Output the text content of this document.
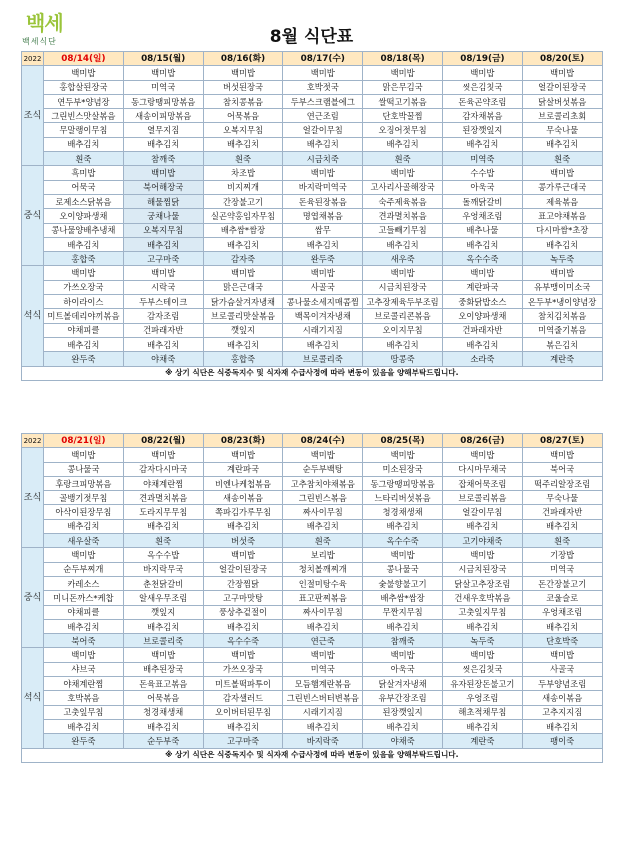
백세
백세식단	8월 식단표
2022	08/14(일)	08/15(월)	08/16(화)	08/17(수)	08/18(목)	08/19(금)	08/20(토)
조식	백미밥	백미밥	백미밥	백미밥	백미밥	백미밥	백미밥
	홍합살된장국	미역국	버섯된장국	호박젓국	맑은무김국	씻은김칫국	얼갈이된장국
	연두부*양념장	동그랑땡피망볶음	참치콩볶음	두부스크램블에그	쌀떡고기볶음	돈육곤약조림	닭살버섯볶음
	그린빈스맛살볶음	새송이피망볶음	어묵볶음	연근조림	단호박꿀찜	감자채볶음	브로콜리초회
	무말랭이무침	열무지짐	오복지무침	얼갈이무침	오징어젓무침	된장깻잎지	무숙나물
	배추김치	배추김치	배추김치	배추김치	배추김치	배추김치	배추김치
	흰죽	참깨죽	흰죽	시금치죽	흰죽	미역죽	흰죽
중식	흑미밥	백미밥	차조밥	백미밥	백미밥	수수밥	백미밥
	어묵국	북어해장국	비지찌개	바지락미역국	고사리사골해장국	아욱국	콩가루근대국
	로제소스닭볶음	해물찜닭	간장불고기	돈육된장볶음	숙주제육볶음	돌깨닭갈비	제육볶음
	오이양파생채	궁채나물	실곤약홍임자무침	명엽채볶음	견과멸치볶음	우엉채조림	표고야채볶음
	콩나물양배추냉채	오복지무침	배추쌈*쌈장	쌈무	고들빼기무침	배추나물	다시마쌈*초장
	배추김치	배추김치	배추김치	배추김치	배추김치	배추김치	배추김치
	홍합죽	고구마죽	감자죽	완두죽	새우죽	옥수수죽	녹두죽
석식	백미밥	백미밥	백미밥	백미밥	백미밥	백미밥	백미밥
	가쓰오장국	시락국	맑은근대국	사골국	시금치된장국	계란파국	유부맹이미소국
	하이라이스	두부스테이크	닭가슴살겨자냉채	콩나물소세지매콤찜	고추장제육두부조림	중화닭밥소스	온두부*냉이양념장
	미트볼데리야끼볶음	감자조림	브로콜리맛살볶음	백목이겨자냉채	브로콜리콘볶음	오이양파생채	참치김치볶음
	야채피클	건파래자반	깻잎지	시래기지짐	오이지무침	건파래자반	미역줄기볶음
	배추김치	배추김치	배추김치	배추김치	배추김치	배추김치	볶은김치
	완두죽	야채죽	홍합죽	브로콜리죽	땅콩죽	소라죽	계란죽
※ 상기 식단은 식중독지수 및 식자재 수급사정에 따라 변동이 있음을 양해부탁드립니다.							
2022	08/21(일)	08/22(월)	08/23(화)	08/24(수)	08/25(목)	08/26(금)	08/27(토)
조식	백미밥	백미밥	백미밥	백미밥	백미밥	백미밥	백미밥
	콩나물국	감자다시마국	계란파국	순두부백탕	미소된장국	다시마무채국	북어국
	후랑크피망볶음	야채계란찜	비엔나케첩볶음	고추참치야채볶음	동그랑땡피망볶음	잡채어묵조림	떡주리알장조림
	골뱅기젓무침	견과멸치볶음	새송이볶음	그린빈스볶음	느타리버섯볶음	브로콜리볶음	무숙나물
	아삭이된장무침	도라지무무침	쪽파김가루무침	짜사이무침	청경채생채	얼갈이무침	건파래자반
	배추김치	배추김치	배추김치	배추김치	배추김치	배추김치	배추김치
	새우살죽	흰죽	버섯죽	흰죽	옥수수죽	고기야채죽	흰죽
중식	백미밥	옥수수밥	백미밥	보리밥	백미밥	백미밥	기장밥
	순두부찌개	바지락무국	얼갈이된장국	청치볼깨찌개	콩나물국	시금치된장국	미역국
	카레소스	춘천닭갈비	간장찜닭	인절미탕수육	숯불향불고기	닭살고추장조림	돈간장불고기
	미니돈까스*케찹	알새우무조림	고구마맛탕	표고판찌볶음	배추쌈*쌈장	건새우호박볶음	코울슬로
	야채피클	깻잎지	풍상추겉절이	짜사이무침	무짠지무침	고춧잎지무침	우엉채조림
	배추김치	배추김치	배추김치	배추김치	배추김치	배추김치	배추김치
	북어죽	브로콜리죽	옥수수죽	연근죽	참깨죽	녹두죽	단호박죽
석식	백미밥	백미밥	백미밥	백미밥	백미밥	백미밥	백미밥
	샤브국	배추된장국	가쓰오장국	미역국	아욱국	씻은김칫국	사골국
	야채계란찜	돈육표고볶음	미트볼떡파투이	모듬햄계란볶음	닭살겨자냉채	유자된장돈불고기	두부양념조림
	호박볶음	어묵볶음	감자샐러드	그린빈스버터변볶음	유부간장조림	우엉조림	새송이볶음
	고춧잎무침	청경채생채	오이버터된무침	시래기지짐	된장깻잎지	해초적채무침	고추지지짐
	배추김치	배추김치	배추김치	배추김치	배추김치	배추김치	배추김치
	완두죽	순두부죽	고구마죽	바지락죽	야채죽	계란죽	팽이죽
※ 상기 식단은 식중독지수 및 식자재 수급사정에 따라 변동이 있음을 양해부탁드립니다.							
